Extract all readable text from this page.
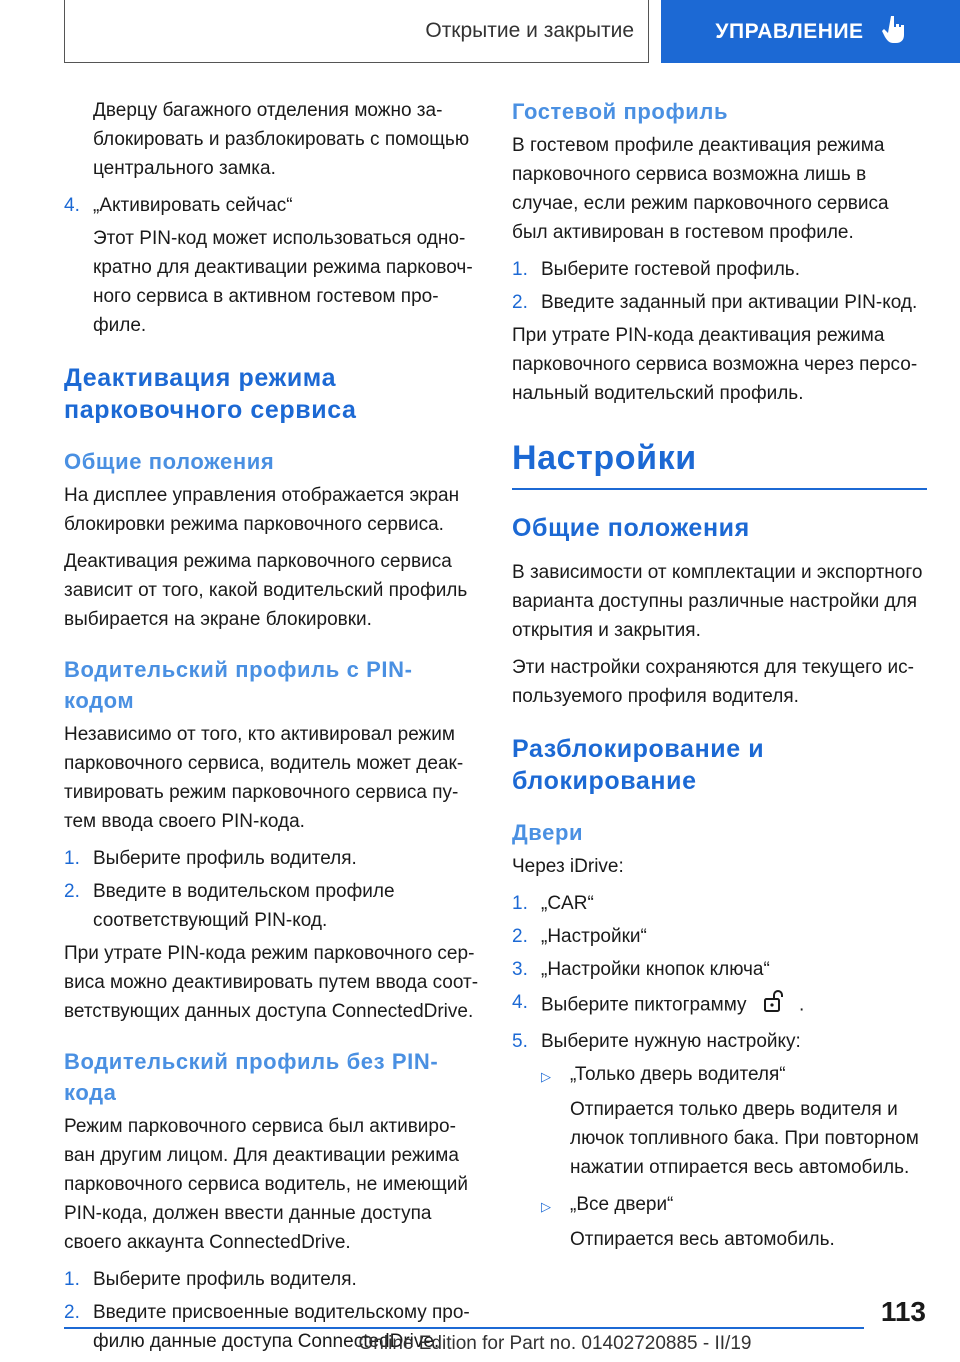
Открытие и закрытие	УПРАВЛЕНИЕ

Дверцу багажного отделения можно заблокировать и разблокировать с помощью центрального замка.

4. „Активировать сейчас“

Этот PIN-код может использоваться однократно для деактивации режима парковочного сервиса в активном гостевом профиле.

Деактивация режима парковочного сервиса
Общие положения

На дисплее управления отображается экран блокировки режима парковочного сервиса.

Деактивация режима парковочного сервиса зависит от того, какой водительский профиль выбирается на экране блокировки.

Водительский профиль с PIN-кодом

Независимо от того, кто активировал режим парковочного сервиса, водитель может деактивировать режим парковочного сервиса путем ввода своего PIN-кода.

1. Выберите профиль водителя.
2. Введите в водительском профиле соответствующий PIN-код.

При утрате PIN-кода режим парковочного сервиса можно деактивировать путем ввода соответствующих данных доступа ConnectedDrive.

Водительский профиль без PIN-кода

Режим парковочного сервиса был активирован другим лицом. Для деактивации режима парковочного сервиса водитель, не имеющий PIN-кода, должен ввести данные доступа своего аккаунта ConnectedDrive.

1. Выберите профиль водителя.
2. Введите присвоенные водительскому профилю данные доступа ConnectedDrive.
Гостевой профиль

В гостевом профиле деактивация режима парковочного сервиса возможна лишь в случае, если режим парковочного сервиса был активирован в гостевом профиле.

1. Выберите гостевой профиль.
2. Введите заданный при активации PIN-код.

При утрате PIN-кода деактивация режима парковочного сервиса возможна через персональный водительский профиль.

Настройки
Общие положения

В зависимости от комплектации и экспортного варианта доступны различные настройки для открытия и закрытия.

Эти настройки сохраняются для текущего используемого профиля водителя.

Разблокирование и блокирование
Двери

Через iDrive:

1. „CAR“
2. „Настройки“
3. „Настройки кнопок ключа“
4. Выберите пиктограмму	.
5. Выберите нужную настройку:
▷	„Только дверь водителя“

Отпирается только дверь водителя и лючок топливного бака. При повторном нажатии отпирается весь автомобиль.

▷	„Все двери“

Отпирается весь автомобиль.

113
Online Edition for Part no. 01402720885 - II/19
